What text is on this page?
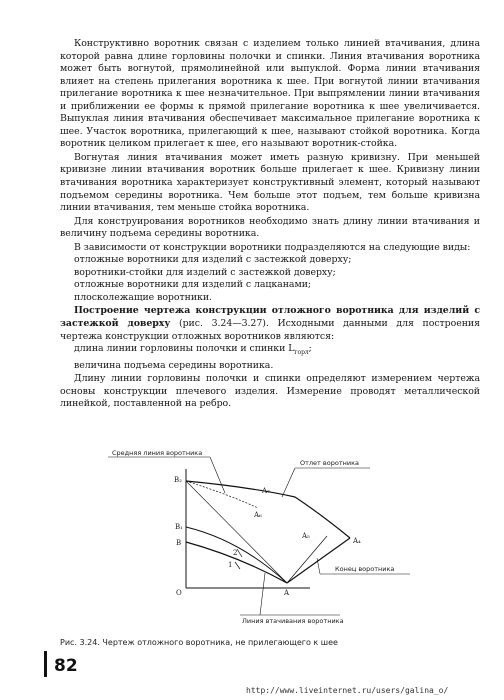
Конструктивно воротник связан с изделием только линией втачивания, длина которой равна длине горловины полочки и спинки. Линия втачивания воротника может быть вогнутой, прямолинейной или выпуклой. Форма линии втачивания влияет на степень прилегания воротника к шее. При вогнутой линии втачивания прилегание воротника к шее незначительное. При выпрямлении линии втачивания и приближении ее формы к прямой прилегание воротника к шее увеличивается. Выпуклая линия втачивания обеспечивает максимальное прилегание воротника к шее. Участок воротника, прилегающий к шее, называют стойкой воротника. Когда воротник целиком прилегает к шее, его называют воротник-стойка.

Вогнутая линия втачивания может иметь разную кривизну. При меньшей кривизне линии втачивания воротник больше прилегает к шее. Кривизну линии втачивания воротника характеризует конструктивный элемент, который называют подъемом середины воротника. Чем больше этот подъем, тем больше кривизна линии втачивания, тем меньше стойка воротника.

Для конструирования воротников необходимо знать длину линии втачивания и величину подъема середины воротника.

В зависимости от конструкции воротники подразделяются на следующие виды:

отложные воротники для изделий с застежкой доверху;

воротники-стойки для изделий с застежкой доверху;

отложные воротники для изделий с лацканами;

плосколежащие воротники.

Построение чертежа конструкции отложного воротника для изделий с застежкой доверху (рис. 3.24—3.27). Исходными данными для построения чертежа конструкции отложных воротников являются:

длина линии горловины полочки и спинки $L_{горл}$;

величина подъема середины воротника.

Длину линии горловины полочки и спинки определяют измерением чертежа основы конструкции плечевого изделия. Измерение проводят металлической линейкой, поставленной на ребро.

Средняя линия воротника
Отлет воротника
Конец воротника
Линия втачивания воротника
B₂
A₇
A₆
A₅
A₄
B₁
B
2
1
O	A
Рис. 3.24. Чертеж отложного воротника, не прилегающего к шее
82
http://www.liveinternet.ru/users/galina_o/
